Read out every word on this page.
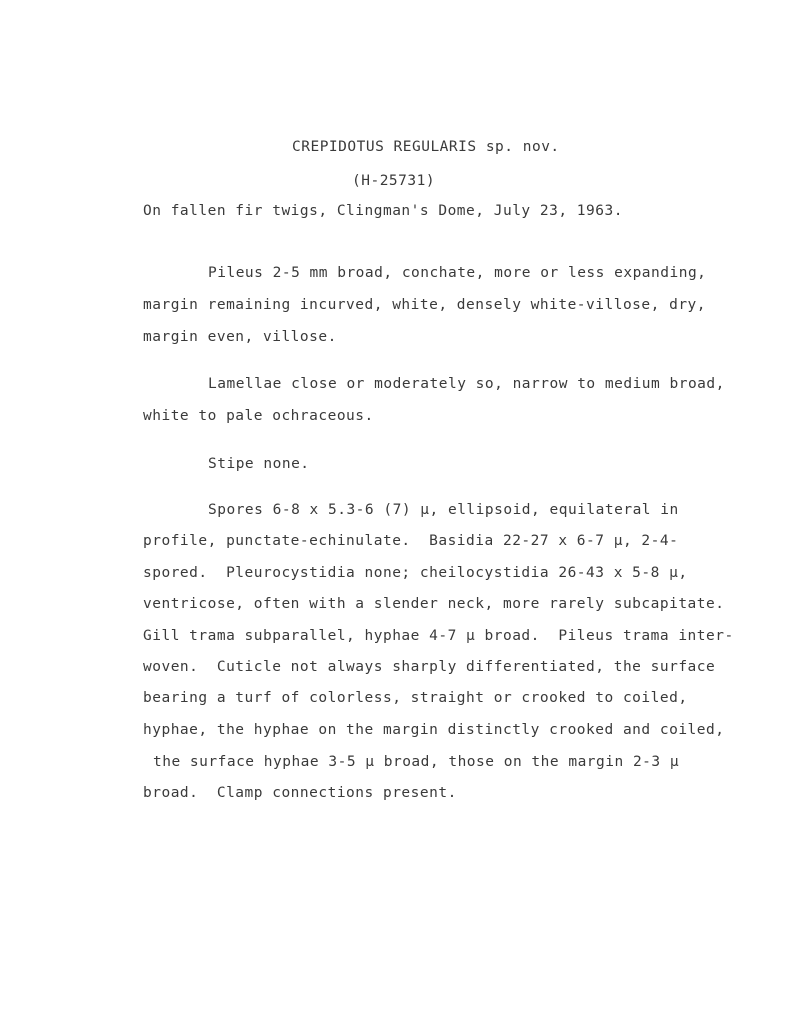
CREPIDOTUS REGULARIS sp. nov.
(H-25731)
On fallen fir twigs, Clingman's Dome, July 23, 1963.
Pileus 2-5 mm broad, conchate, more or less expanding,
margin remaining incurved, white, densely white-villose, dry,
margin even, villose.
Lamellae close or moderately so, narrow to medium broad,
white to pale ochraceous.
Stipe none.
Spores 6-8 x 5.3-6 (7) µ, ellipsoid, equilateral in
profile, punctate-echinulate.  Basidia 22-27 x 6-7 µ, 2-4-
spored.  Pleurocystidia none; cheilocystidia 26-43 x 5-8 µ,
ventricose, often with a slender neck, more rarely subcapitate.
Gill trama subparallel, hyphae 4-7 µ broad.  Pileus trama inter-
woven.  Cuticle not always sharply differentiated, the surface
bearing a turf of colorless, straight or crooked to coiled,
hyphae, the hyphae on the margin distinctly crooked and coiled,
the surface hyphae 3-5 µ broad, those on the margin 2-3 µ
broad.  Clamp connections present.
